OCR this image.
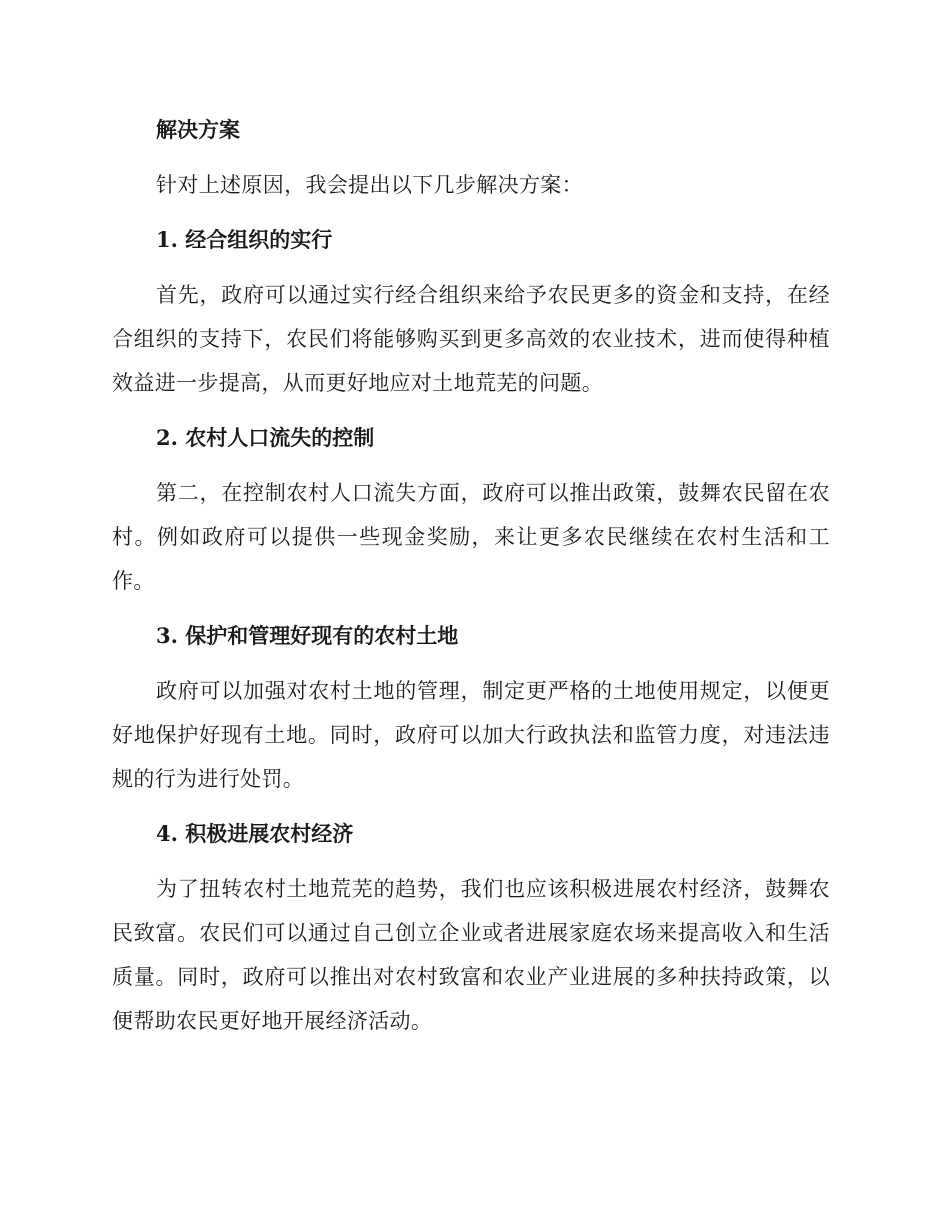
解决方案

针对上述原因，我会提出以下几步解决方案：

1. 经合组织的实行

首先，政府可以通过实行经合组织来给予农民更多的资金和支持，在经合组织的支持下，农民们将能够购买到更多高效的农业技术，进而使得种植效益进一步提高，从而更好地应对土地荒芜的问题。

2. 农村人口流失的控制

第二，在控制农村人口流失方面，政府可以推出政策，鼓舞农民留在农村。例如政府可以提供一些现金奖励，来让更多农民继续在农村生活和工作。

3. 保护和管理好现有的农村土地

政府可以加强对农村土地的管理，制定更严格的土地使用规定，以便更好地保护好现有土地。同时，政府可以加大行政执法和监管力度，对违法违规的行为进行处罚。

4. 积极进展农村经济

为了扭转农村土地荒芜的趋势，我们也应该积极进展农村经济，鼓舞农民致富。农民们可以通过自己创立企业或者进展家庭农场来提高收入和生活质量。同时，政府可以推出对农村致富和农业产业进展的多种扶持政策，以便帮助农民更好地开展经济活动。
